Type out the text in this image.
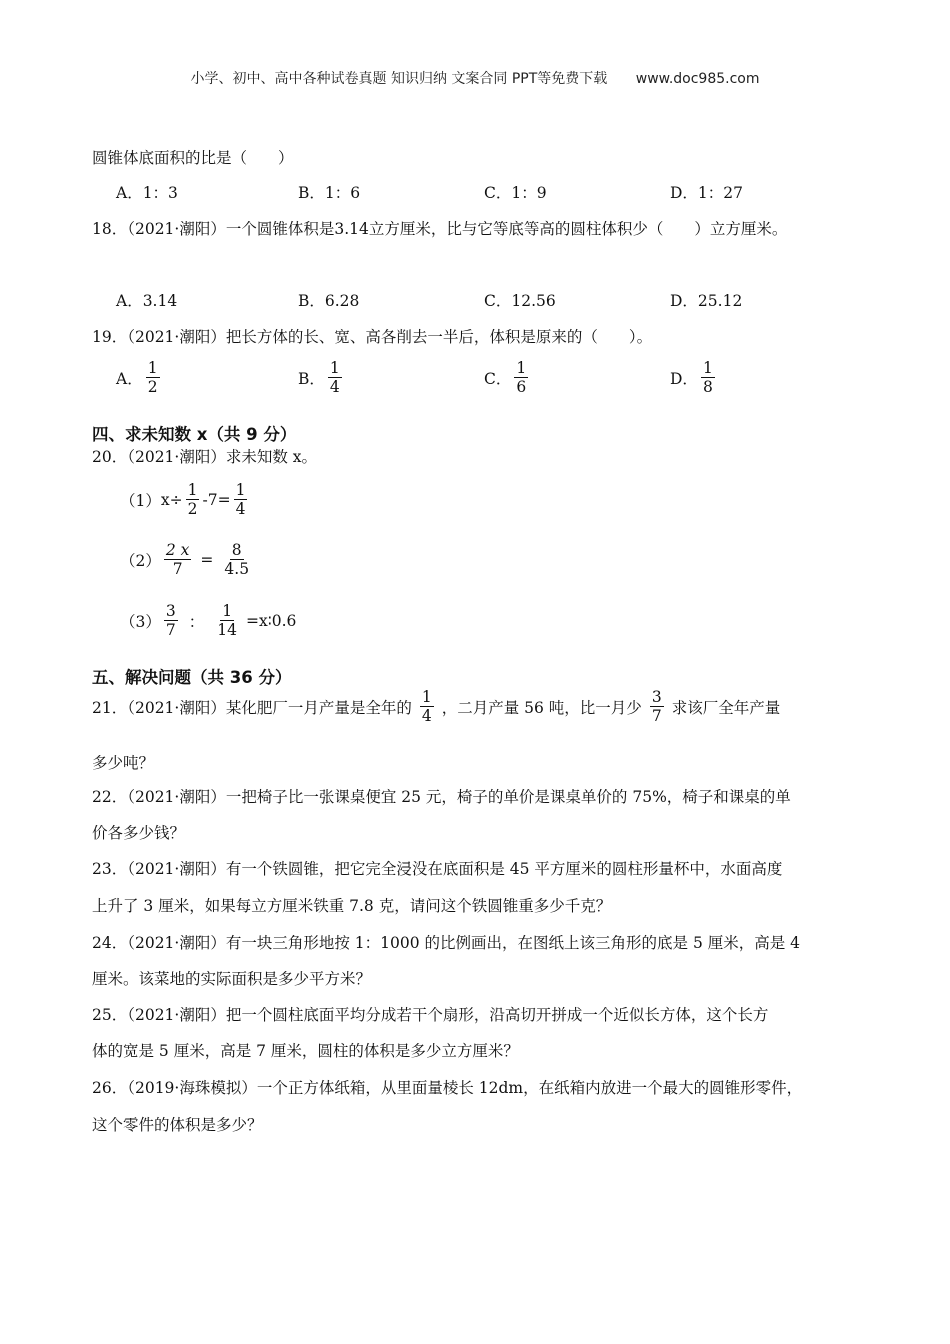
小学、初中、高中各种试卷真题 知识归纳 文案合同 PPT等免费下载 www.doc985.com
圆锥体底面积的比是（　　）
A．1：3	B．1：6	C．1：9	D．1：27
18．（2021·潮阳）一个圆锥体积是3.14立方厘米，比与它等底等高的圆柱体积少（　　）立方厘米。
A．3.14	B．6.28	C．12.56	D．25.12
19．（2021·潮阳）把长方体的长、宽、高各削去一半后，体积是原来的（　　）。
A． $\frac{1}{2}$	B． $\frac{1}{4}$	C． $\frac{1}{6}$	D． $\frac{1}{8}$
四、求未知数 x（共 9 分）
20．（2021·潮阳）求未知数 x。
（1） $x\div \frac{1}{2} -7= \frac{1}{4}$
$(2) \frac{2 x}{7} = \frac{8}{4.5}$
$(3) \frac{3}{7}$ ： $\frac{1}{14}$ =x∶0.6
五、解决问题（共 36 分）
21．（2021·潮阳）某化肥厂一月产量是全年的 $\frac{1}{4}$ ，二月产量 56 吨，比一月少 $\frac{3}{7}$ 求该厂全年产量
多少吨？
22．（2021·潮阳）一把椅子比一张课桌便宜 25 元，椅子的单价是课桌单价的 75%，椅子和课桌的单
价各多少钱？
23．（2021·潮阳）有一个铁圆锥，把它完全浸没在底面积是 45 平方厘米的圆柱形量杯中，水面高度
上升了 3 厘米，如果每立方厘米铁重 7.8 克，请问这个铁圆锥重多少千克？
24．（2021·潮阳）有一块三角形地按 1：1000 的比例画出，在图纸上该三角形的底是 5 厘米，高是 4
厘米。该菜地的实际面积是多少平方米？
25．（2021·潮阳）把一个圆柱底面平均分成若干个扇形，沿高切开拼成一个近似长方体，这个长方
体的宽是 5 厘米，高是 7 厘米，圆柱的体积是多少立方厘米？
26．（2019·海珠模拟）一个正方体纸箱，从里面量棱长 12dm，在纸箱内放进一个最大的圆锥形零件，
这个零件的体积是多少？
